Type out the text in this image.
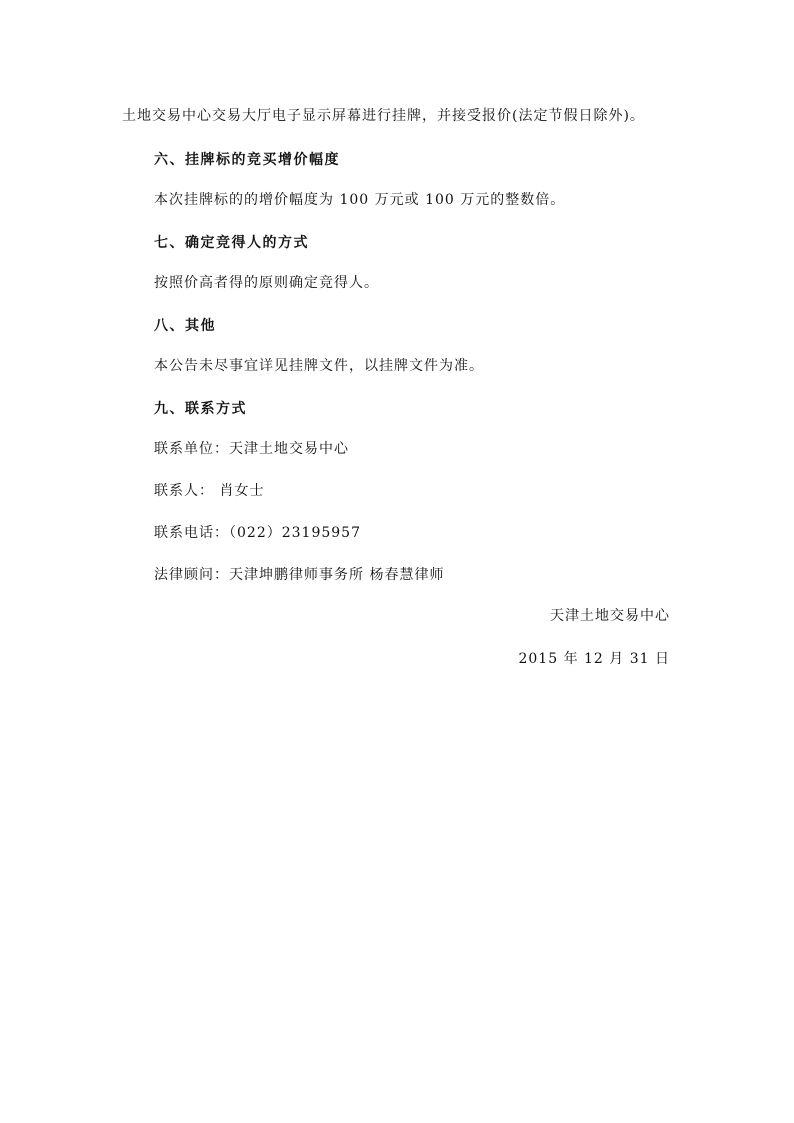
土地交易中心交易大厅电子显示屏幕进行挂牌，并接受报价(法定节假日除外)。
六、挂牌标的竞买增价幅度
本次挂牌标的的增价幅度为 100 万元或 100 万元的整数倍。
七、确定竞得人的方式
按照价高者得的原则确定竞得人。
八、其他
本公告未尽事宜详见挂牌文件，以挂牌文件为准。
九、联系方式
联系单位：天津土地交易中心
联系人： 肖女士
联系电话：（022）23195957
法律顾问：天津坤鹏律师事务所 杨春慧律师
天津土地交易中心
2015 年 12 月 31 日
